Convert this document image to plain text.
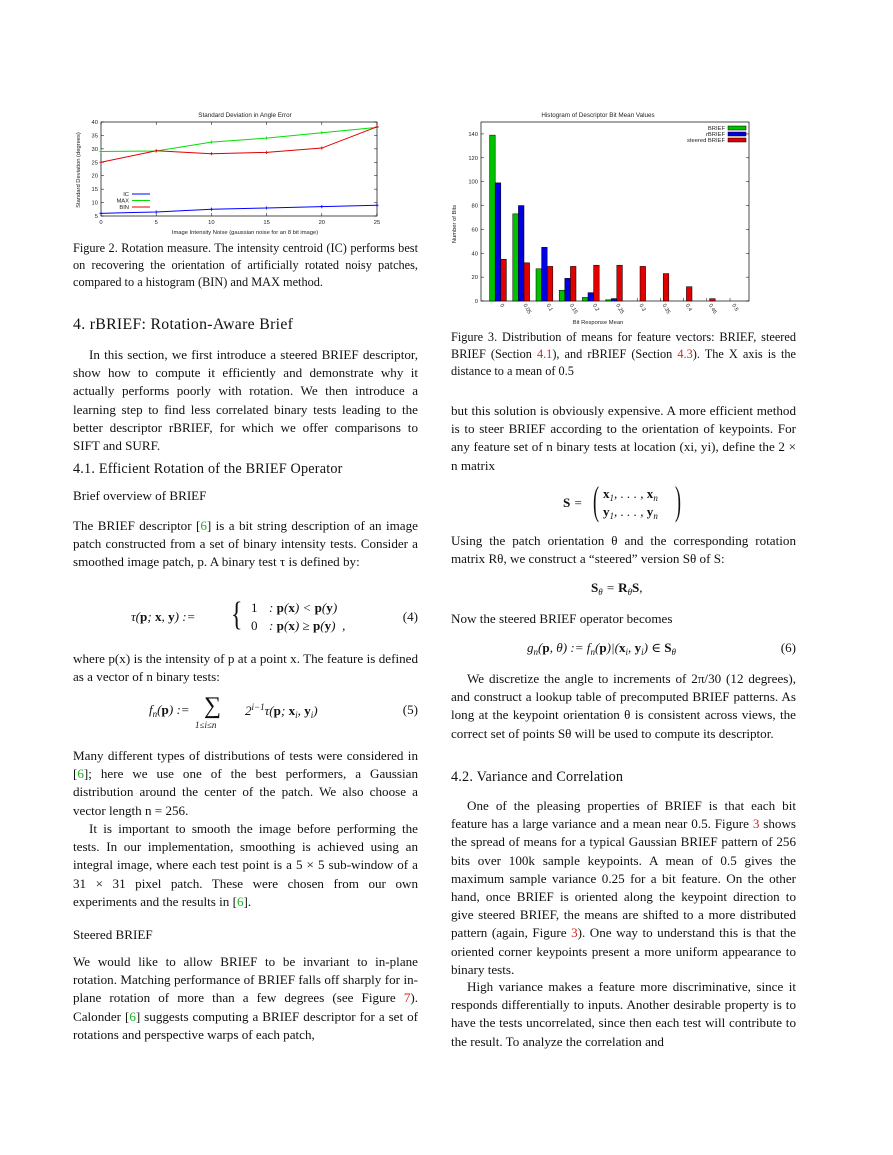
Standard Deviation in Angle Error
Image Intensity Noise (gaussian noise for an 8 bit image)
Standard Deviation (degrees)
0	5	10	15	20	25
5
10
15
20
25
30
35
40
IC
MAX
BIN
Figure 2. Rotation measure. The intensity centroid (IC) performs best on recovering the orientation of artificially rotated noisy patches, compared to a histogram (BIN) and MAX method.
4. rBRIEF: Rotation-Aware Brief

In this section, we first introduce a steered BRIEF descriptor, show how to compute it efficiently and demonstrate why it actually performs poorly with rotation. We then introduce a learning step to find less correlated binary tests leading to the better descriptor rBRIEF, for which we offer comparisons to SIFT and SURF.

4.1. Efficient Rotation of the BRIEF Operator
Brief overview of BRIEF

The BRIEF descriptor [6] is a bit string description of an image patch constructed from a set of binary intensity tests. Consider a smoothed image patch, p. A binary test τ is defined by:

τ(p; x, y) := { 1 : p(x) < p(y)
0 : p(x) ≥ p(y)  ,
(4)

where p(x) is the intensity of p at a point x. The feature is defined as a vector of n binary tests:

$f_n(p)$ := ∑
1≤i≤n
$2^{i-1}\tau(p$; $x_i$, $y_i$)	(5)

Many different types of distributions of tests were considered in [6]; here we use one of the best performers, a Gaussian distribution around the center of the patch. We also choose a vector length n = 256.

It is important to smooth the image before performing the tests. In our implementation, smoothing is achieved using an integral image, where each test point is a 5 × 5 sub-window of a 31 × 31 pixel patch. These were chosen from our own experiments and the results in [6].

Steered BRIEF

We would like to allow BRIEF to be invariant to in-plane rotation. Matching performance of BRIEF falls off sharply for in-plane rotation of more than a few degrees (see Figure 7). Calonder [6] suggests computing a BRIEF descriptor for a set of rotations and perspective warps of each patch,

Histogram of Descriptor Bit Mean Values
Bit Response Mean
Number of Bits
0
20
40
60
80
100
120
140
0	0.05 0.1	0.15 0.2	0.25 0.3	0.35 0.4	0.45 0.5
BRIEF
rBRIEF
steered BRIEF
Figure 3. Distribution of means for feature vectors: BRIEF, steered BRIEF (Section 4.1), and rBRIEF (Section 4.3). The X axis is the distance to a mean of 0.5

but this solution is obviously expensive. A more efficient method is to steer BRIEF according to the orientation of keypoints. For any feature set of n binary tests at location (xi, yi), define the 2 × n matrix

S = ( $x_1$, . . . , $x_n$
$y_1$, . . . , $y_n$ )

Using the patch orientation θ and the corresponding rotation matrix Rθ, we construct a “steered” version Sθ of S:

$S_\theta = R_\theta S$,

Now the steered BRIEF operator becomes

$g_n(p$, θ) := $f_n(p)|(x_i$, $y_i$) ∈ $S_\theta$	(6)

We discretize the angle to increments of 2π/30 (12 degrees), and construct a lookup table of precomputed BRIEF patterns. As long at the keypoint orientation θ is consistent across views, the correct set of points Sθ will be used to compute its descriptor.

4.2. Variance and Correlation

One of the pleasing properties of BRIEF is that each bit feature has a large variance and a mean near 0.5. Figure 3 shows the spread of means for a typical Gaussian BRIEF pattern of 256 bits over 100k sample keypoints. A mean of 0.5 gives the maximum sample variance 0.25 for a bit feature. On the other hand, once BRIEF is oriented along the keypoint direction to give steered BRIEF, the means are shifted to a more distributed pattern (again, Figure 3). One way to understand this is that the oriented corner keypoints present a more uniform appearance to binary tests.

High variance makes a feature more discriminative, since it responds differentially to inputs. Another desirable property is to have the tests uncorrelated, since then each test will contribute to the result. To analyze the correlation and
